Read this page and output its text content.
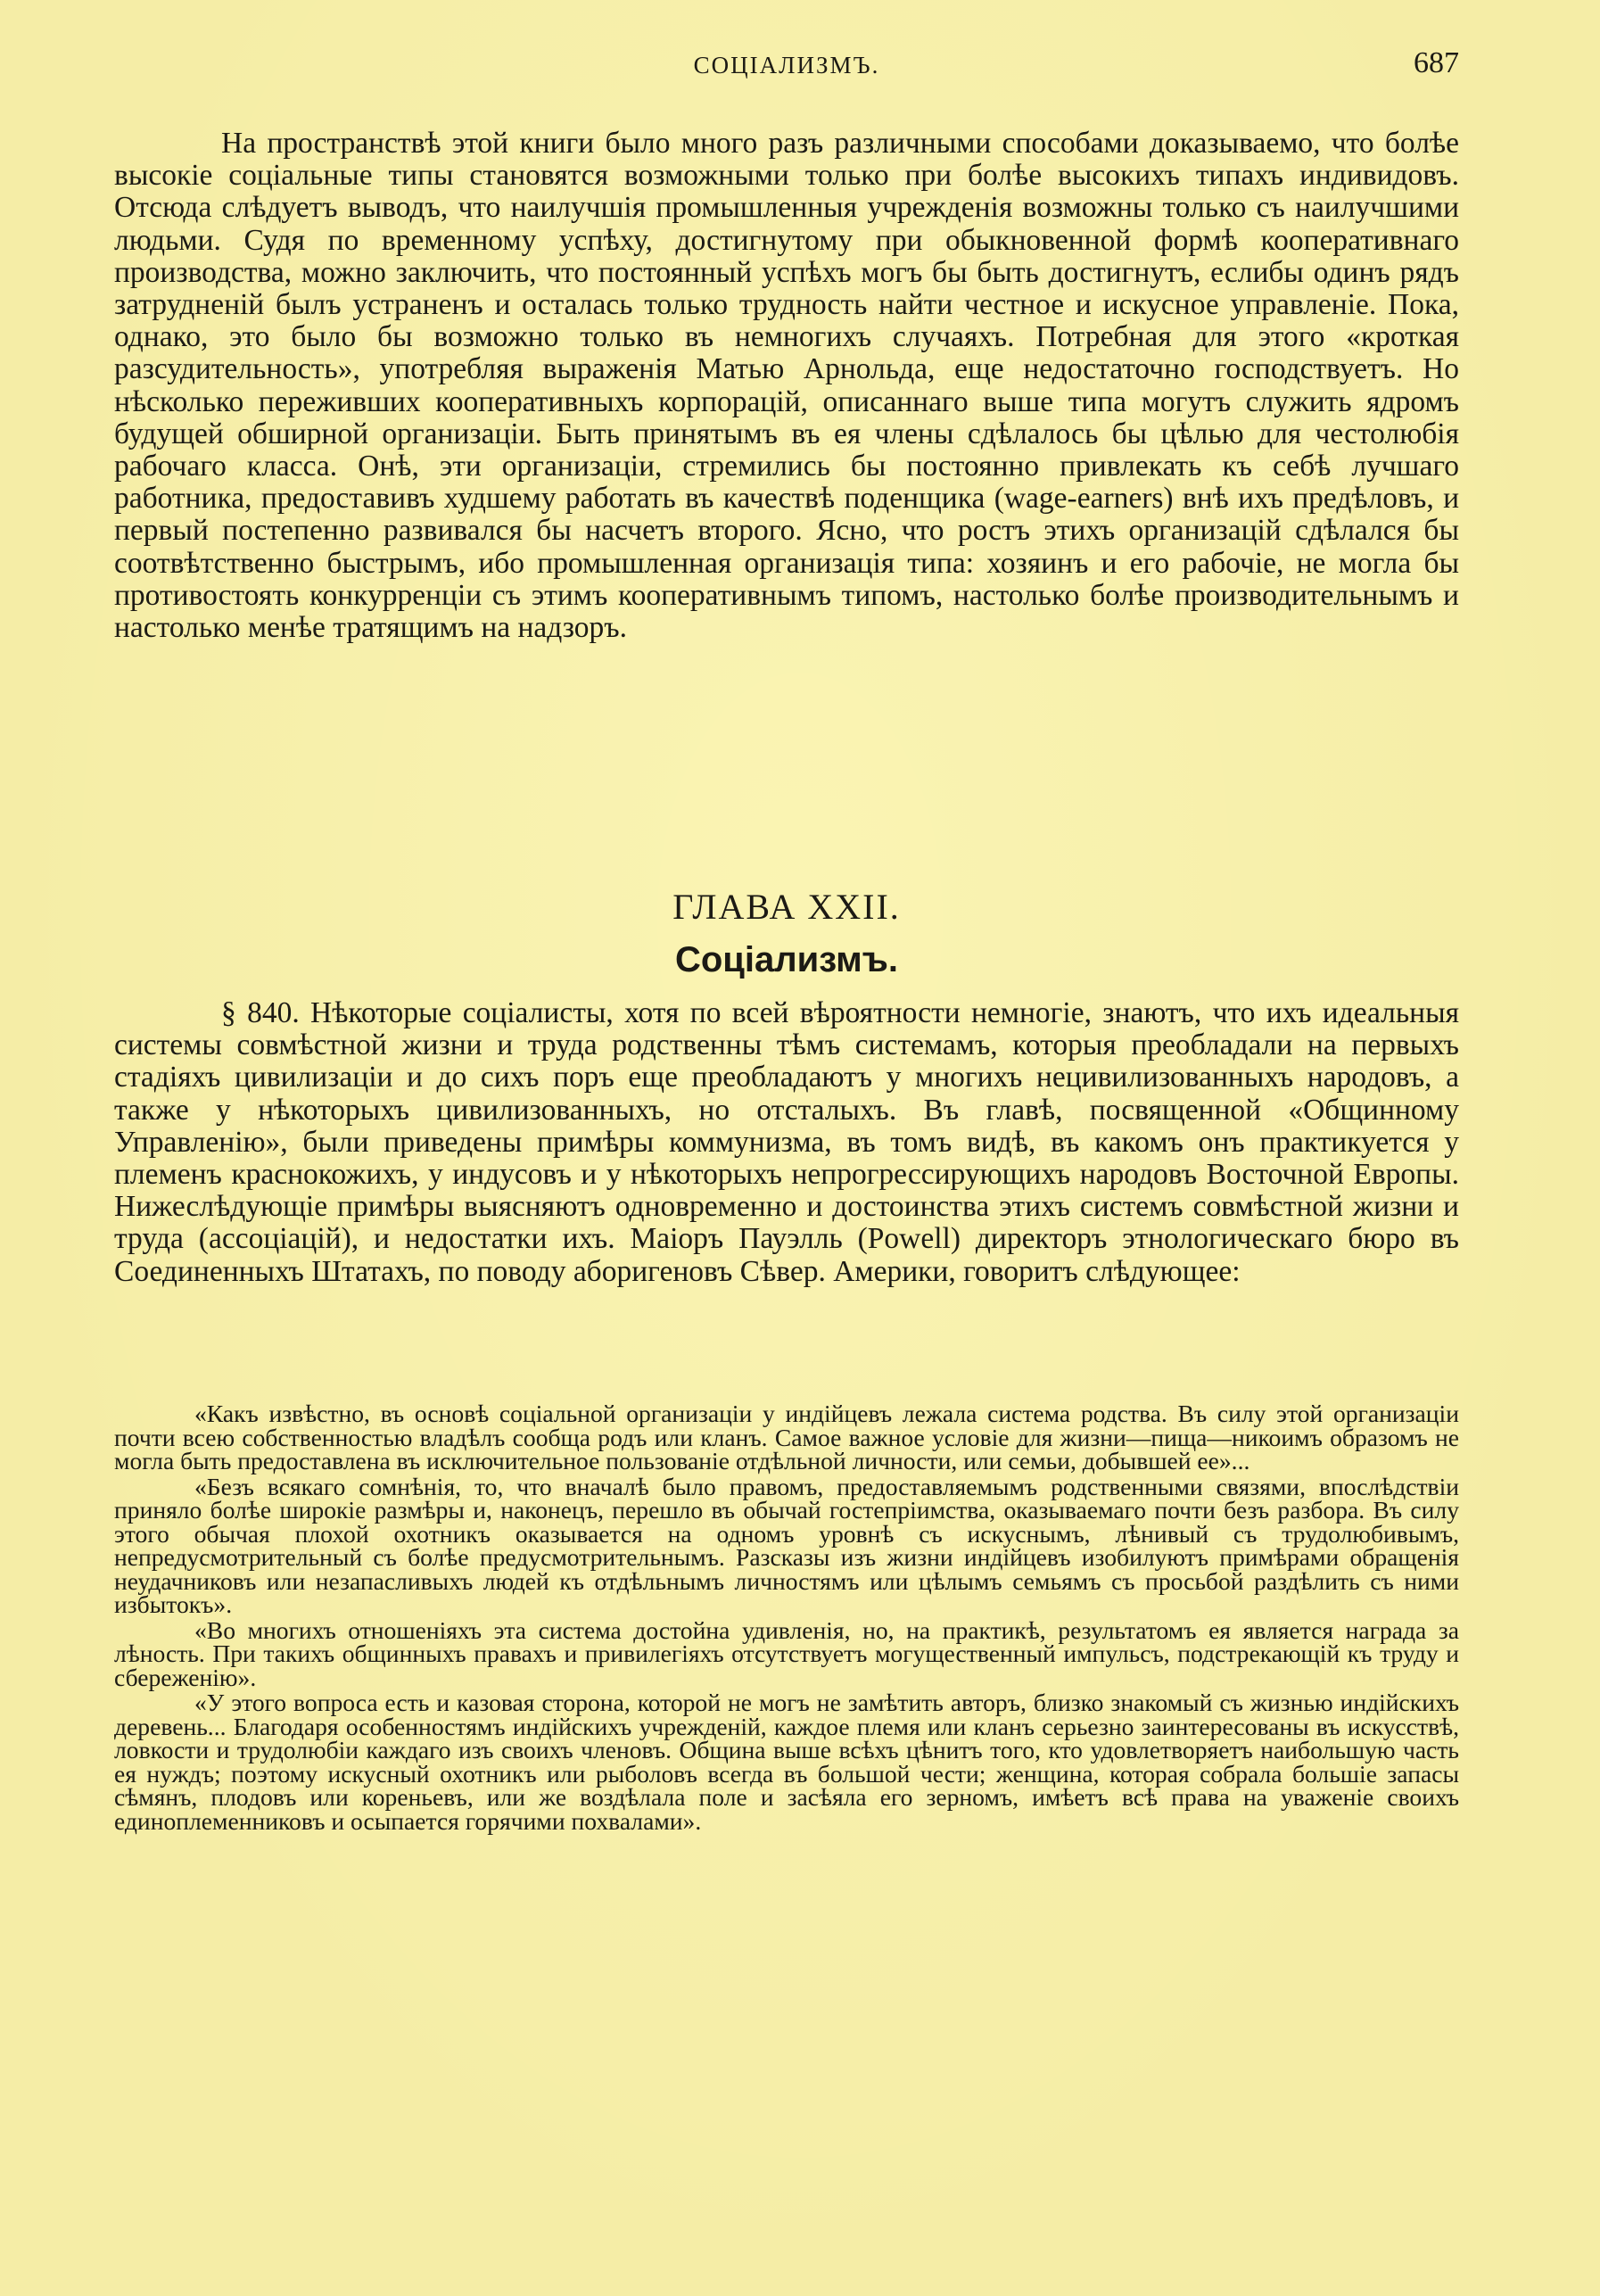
СОЦІАЛИЗМЪ.	687

На пространствѣ этой книги было много разъ различными способами доказываемо, что болѣе высокіе соціальные типы становятся возможными только при болѣе высокихъ типахъ индивидовъ. Отсюда слѣдуетъ выводъ, что наилучшія промышленныя учрежденія возможны только съ наилучшими людьми. Судя по временному успѣху, достигнутому при обыкновенной формѣ кооперативнаго производства, можно заключить, что постоянный успѣхъ могъ бы быть достигнутъ, еслибы одинъ рядъ затрудненій былъ устраненъ и осталась только трудность найти честное и искусное управленіе. Пока, однако, это было бы возможно только въ немногихъ случаяхъ. Потребная для этого «кроткая разсудительность», употребляя выраженія Матью Арнольда, еще недостаточно господствуетъ. Но нѣсколько переживших кооперативныхъ корпорацій, описаннаго выше типа могутъ служить ядромъ будущей обширной организаціи. Быть принятымъ въ ея члены сдѣлалось бы цѣлью для честолюбія рабочаго класса. Онѣ, эти организаціи, стремились бы постоянно привлекать къ себѣ лучшаго работника, предоставивъ худшему работать въ качествѣ поденщика (wage-earners) внѣ ихъ предѣловъ, и первый постепенно развивался бы насчетъ второго. Ясно, что ростъ этихъ организацій сдѣлался бы соотвѣтственно быстрымъ, ибо промышленная организація типа: хозяинъ и его рабочіе, не могла бы противостоять конкурренціи съ этимъ кооперативнымъ типомъ, настолько болѣе производительнымъ и настолько менѣе тратящимъ на надзоръ.

ГЛАВА XXII.
Соціализмъ.

§ 840. Нѣкоторые соціалисты, хотя по всей вѣроятности немногіе, знаютъ, что ихъ идеальныя системы совмѣстной жизни и труда родственны тѣмъ системамъ, которыя преобладали на первыхъ стадіяхъ цивилизаціи и до сихъ поръ еще преобладаютъ у многихъ нецивилизованныхъ народовъ, а также у нѣкоторыхъ цивилизованныхъ, но отсталыхъ. Въ главѣ, посвященной «Общинному Управленію», были приведены примѣры коммунизма, въ томъ видѣ, въ какомъ онъ практикуется у племенъ краснокожихъ, у индусовъ и у нѣкоторыхъ непрогрессирующихъ народовъ Восточной Европы. Нижеслѣдующіе примѣры выясняютъ одновременно и достоинства этихъ системъ совмѣстной жизни и труда (ассоціацій), и недостатки ихъ. Маіоръ Пауэлль (Powell) директоръ этнологическаго бюро въ Соединенныхъ Штатахъ, по поводу аборигеновъ Сѣвер. Америки, говоритъ слѣдующее:

«Какъ извѣстно, въ основѣ соціальной организаціи у индійцевъ лежала система родства. Въ силу этой организаціи почти всею собственностью владѣлъ сообща родъ или кланъ. Самое важное условіе для жизни—пища—никоимъ образомъ не могла быть предоставлена въ исключительное пользованіе отдѣльной личности, или семьи, добывшей ее»...

«Безъ всякаго сомнѣнія, то, что вначалѣ было правомъ, предоставляемымъ родственными связями, впослѣдствіи приняло болѣе широкіе размѣры и, наконецъ, перешло въ обычай гостепріимства, оказываемаго почти безъ разбора. Въ силу этого обычая плохой охотникъ оказывается на одномъ уровнѣ съ искуснымъ, лѣнивый съ трудолюбивымъ, непредусмотрительный съ болѣе предусмотрительнымъ. Разсказы изъ жизни индійцевъ изобилуютъ примѣрами обращенія неудачниковъ или незапасливыхъ людей къ отдѣльнымъ личностямъ или цѣлымъ семьямъ съ просьбой раздѣлить съ ними избытокъ».

«Во многихъ отношеніяхъ эта система достойна удивленія, но, на практикѣ, результатомъ ея является награда за лѣность. При такихъ общинныхъ правахъ и привилегіяхъ отсутствуетъ могущественный импульсъ, подстрекающій къ труду и сбереженію».

«У этого вопроса есть и казовая сторона, которой не могъ не замѣтить авторъ, близко знакомый съ жизнью индійскихъ деревень... Благодаря особенностямъ индійскихъ учрежденій, каждое племя или кланъ серьезно заинтересованы въ искусствѣ, ловкости и трудолюбіи каждаго изъ своихъ членовъ. Община выше всѣхъ цѣнитъ того, кто удовлетворяетъ наибольшую часть ея нуждъ; поэтому искусный охотникъ или рыболовъ всегда въ большой чести; женщина, которая собрала большіе запасы сѣмянъ, плодовъ или кореньевъ, или же воздѣлала поле и засѣяла его зерномъ, имѣетъ всѣ права на уваженіе своихъ единоплеменниковъ и осыпается горячими похвалами».
